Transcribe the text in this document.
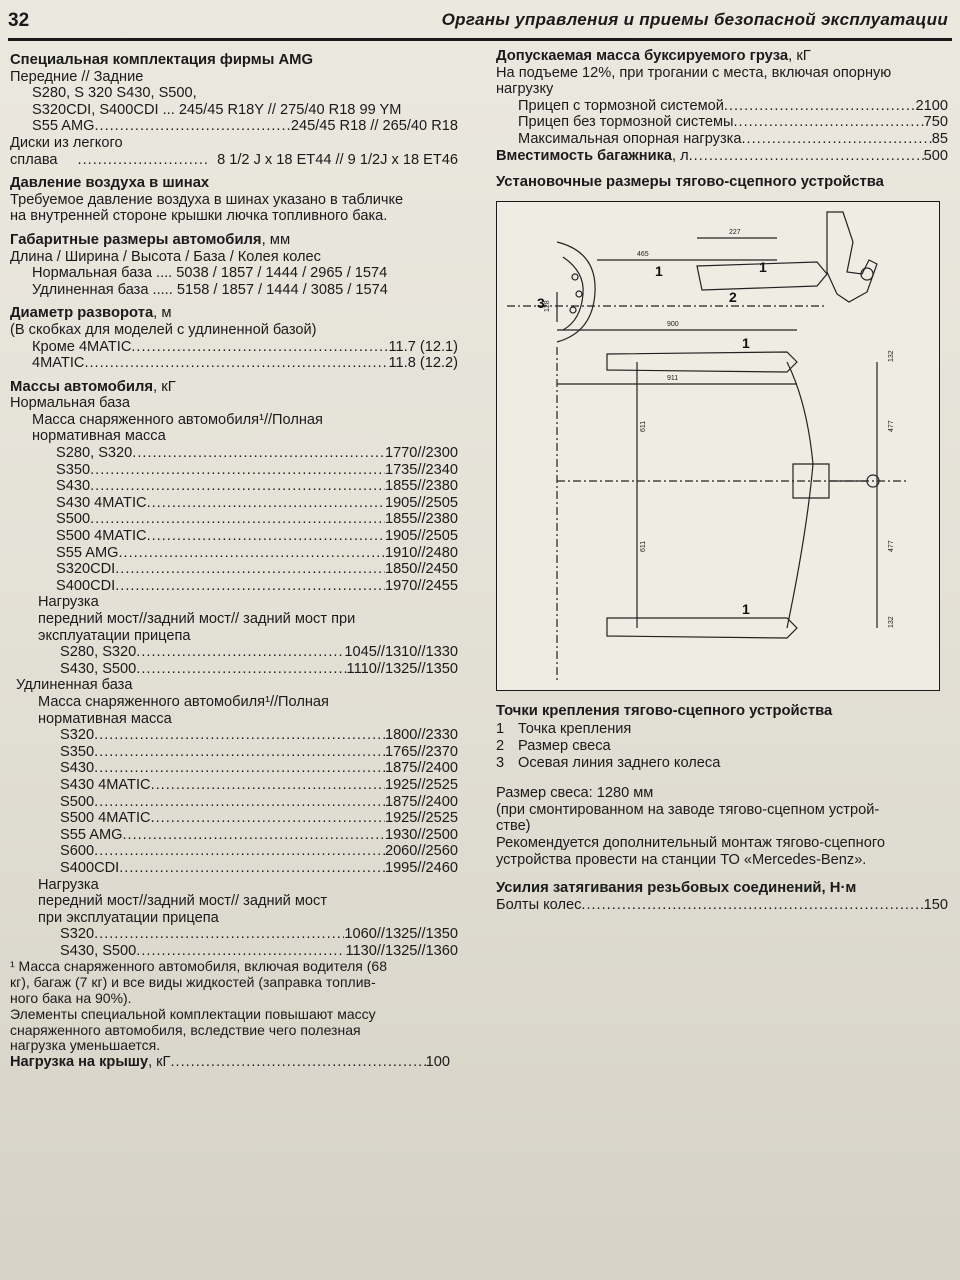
32	Органы управления и приемы безопасной эксплуатации
Специальная комплектация фирмы AMG
Передние // Задние
S280, S 320 S430, S500,
S320CDI, S400CDI ... 245/45 R18Y // 275/40 R18 99 YM
S55 AMG .....	245/45 R18 // 265/40 R18
Диски из легкого
сплава .....	8 1/2 J x 18 ET44 // 9 1/2J x 18 ET46
Давление воздуха в шинах
Требуемое давление воздуха в шинах указано в табличке
на внутренней стороне крышки лючка топливного бака.
Габаритные размеры автомобиля, мм
Длина / Ширина / Высота / База / Колея колес
Нормальная база .... 5038 / 1857 / 1444 / 2965 / 1574
Удлиненная база ..... 5158 / 1857 / 1444 / 3085 / 1574
Диаметр разворота, м
(В скобках для моделей с удлиненной базой)
Кроме 4MATIC .....	11.7 (12.1)
4MATIC .....	11.8 (12.2)
Массы автомобиля, кГ
Нормальная база
Масса снаряженного автомобиля¹//Полная
нормативная масса
S280, S320 .....	1770//2300
S350 .....	1735//2340
S430 .....	1855//2380
S430 4MATIC .....	1905//2505
S500 .....	1855//2380
S500 4MATIC .....	1905//2505
S55 AMG .....	1910//2480
S320CDI .....	1850//2450
S400CDI .....	1970//2455
Нагрузка
передний мост//задний мост// задний мост при
эксплуатации прицепа
S280, S320 .....	1045//1310//1330
S430, S500 .....	1110//1325//1350
Удлиненная база
Масса снаряженного автомобиля¹//Полная
нормативная масса
S320 .....	1800//2330
S350 .....	1765//2370
S430 .....	1875//2400
S430 4MATIC .....	1925//2525
S500 .....	1875//2400
S500 4MATIC .....	1925//2525
S55 AMG .....	1930//2500
S600 .....	2060//2560
S400CDI .....	1995//2460
Нагрузка
передний мост//задний мост// задний мост
при эксплуатации прицепа
S320 .....	1060//1325//1350
S430, S500 .....	1130//1325//1360
¹ Масса снаряженного автомобиля, включая водителя (68
кг), багаж (7 кг) и все виды жидкостей (заправка топлив-
ного бака на 90%).
Элементы специальной комплектации повышают массу
снаряженного автомобиля, вследствие чего полезная
нагрузка уменьшается.
Нагрузка на крышу, кГ .....	100
Допускаемая масса буксируемого груза, кГ
На подъеме 12%, при трогании с места, включая опорную
нагрузку
Прицеп с тормозной системой .....	2100
Прицеп без тормозной системы .....	750
Максимальная опорная нагрузка .....	85
Вместимость багажника, л .....	500
Установочные размеры тягово-сцепного устройства
465
227
128
900
911
132
477
611
611	477
132
1	1
2
3
1
1
Точки крепления тягово-сцепного устройства
1 Точка крепления
2 Размер свеса
3 Осевая линия заднего колеса
Размер свеса: 1280 мм
(при смонтированном на заводе тягово-сцепном устрой-
стве)
Рекомендуется дополнительный монтаж тягово-сцепного
устройства провести на станции ТО «Mercedes-Benz».
Усилия затягивания резьбовых соединений, Н·м
Болты колес .....	150
